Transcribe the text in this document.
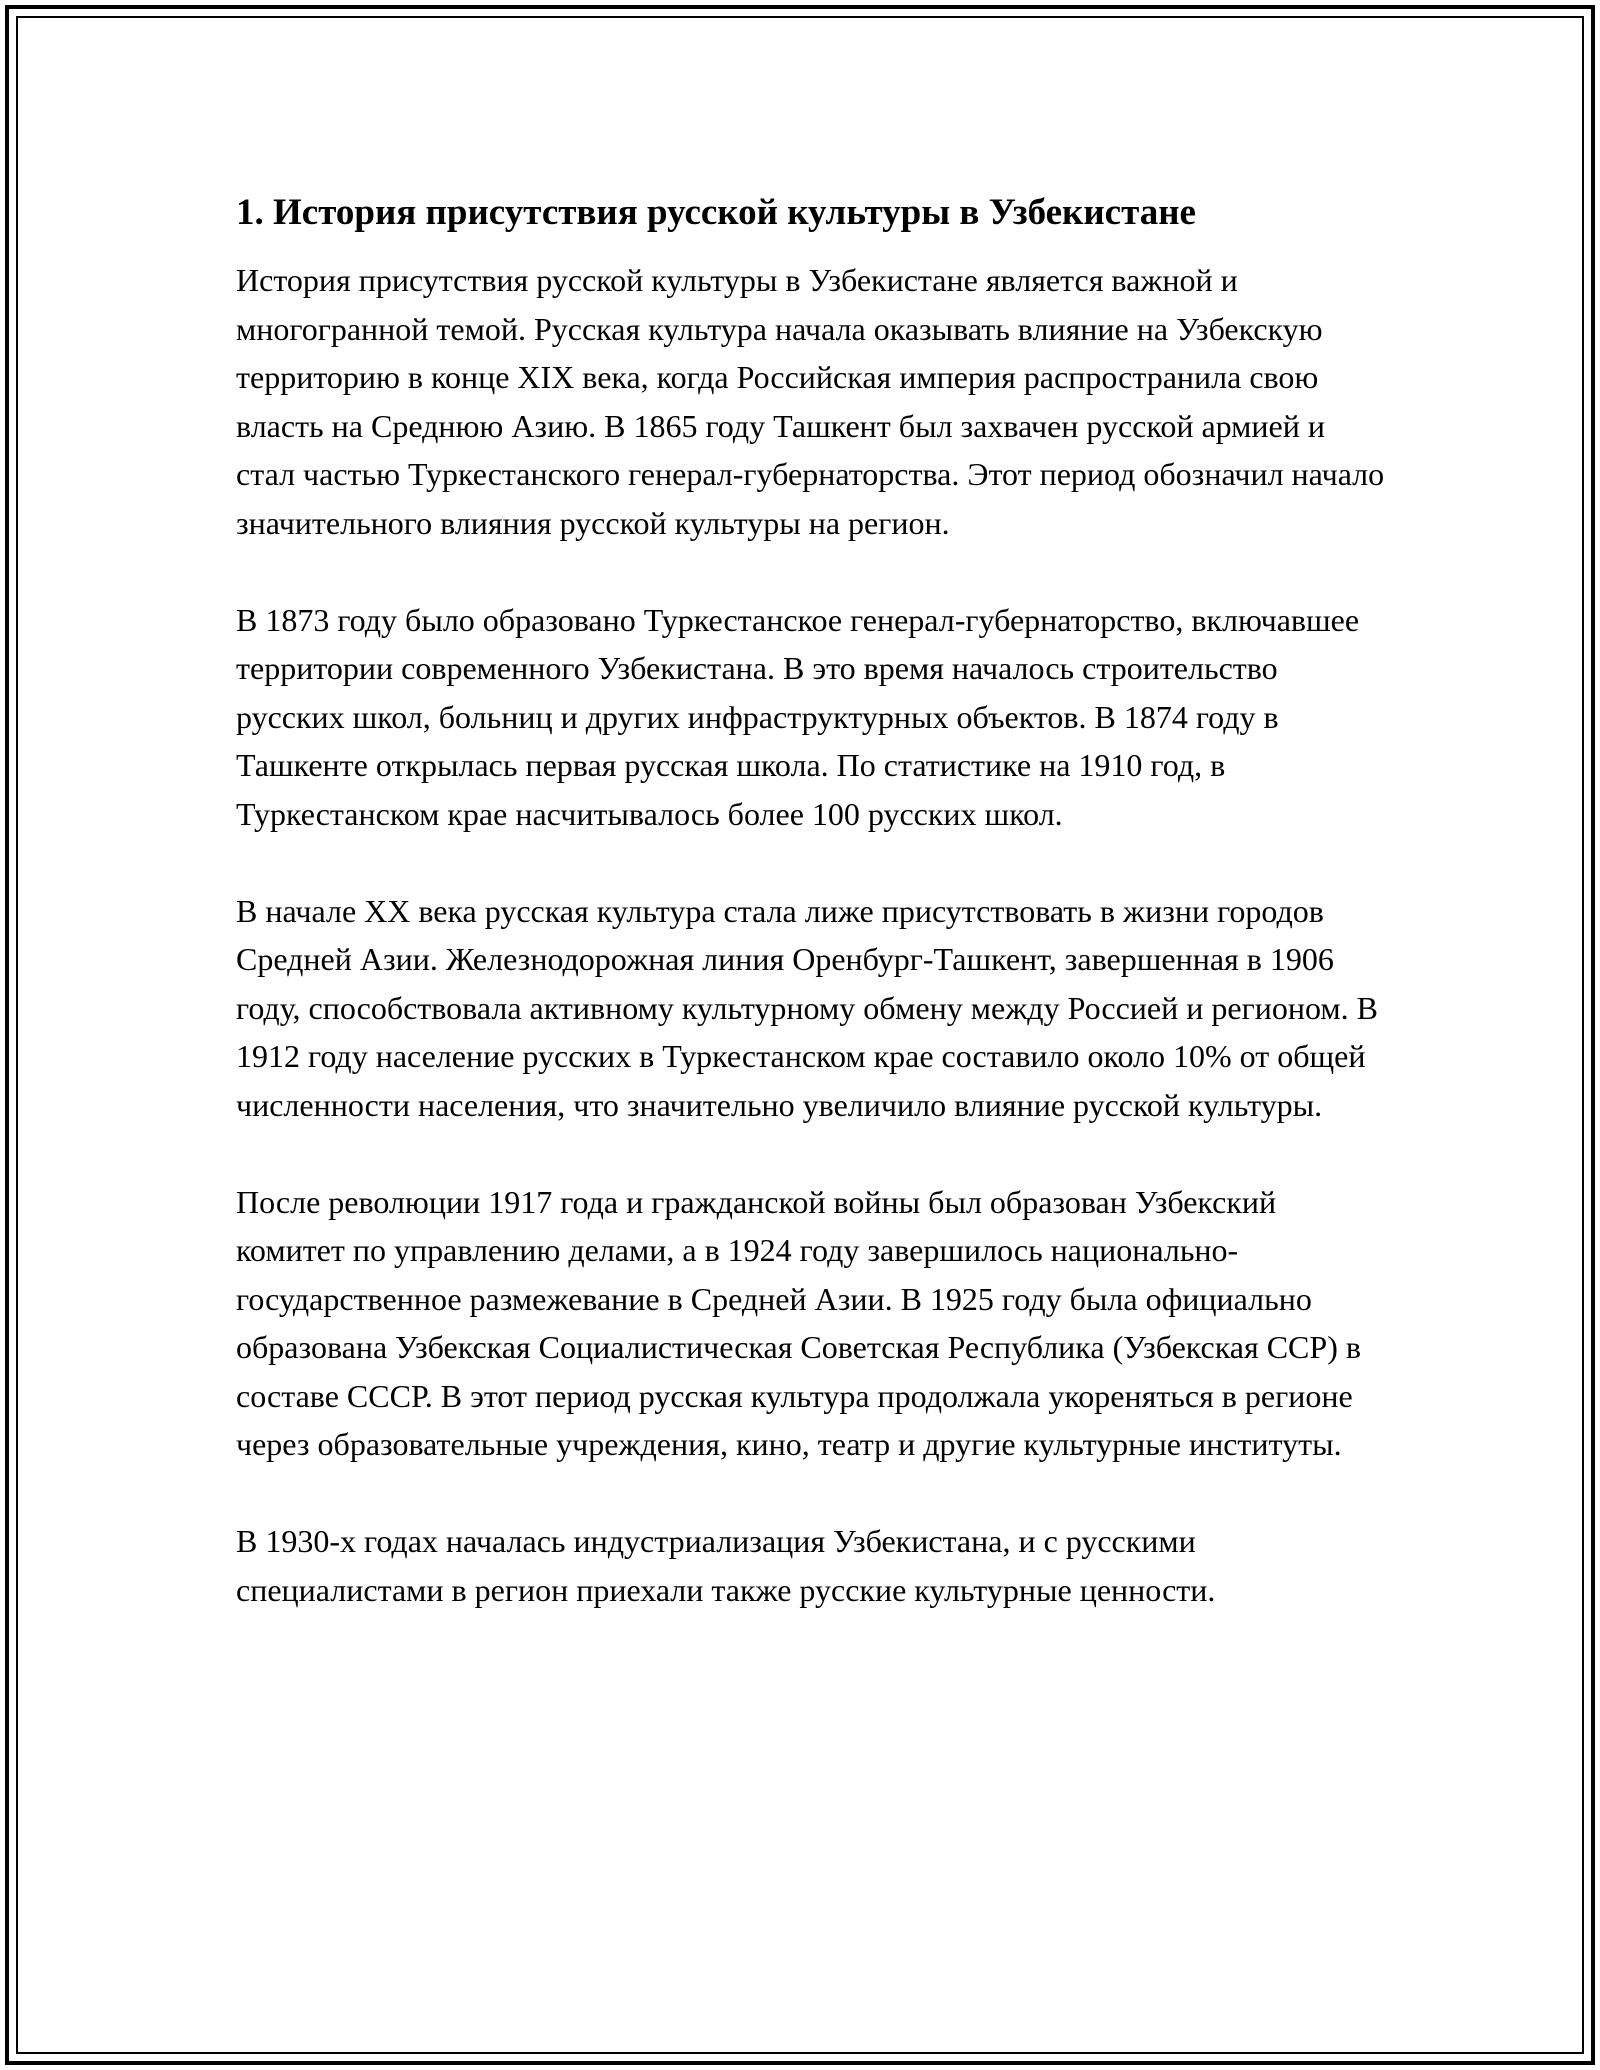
1. История присутствия русской культуры в Узбекистане

История присутствия русской культуры в Узбекистане является важной и многогранной темой. Русская культура начала оказывать влияние на Узбекскую территорию в конце XIX века, когда Российская империя распространила свою власть на Среднюю Азию. В 1865 году Ташкент был захвачен русской армией и стал частью Туркестанского генерал-губернаторства. Этот период обозначил начало значительного влияния русской культуры на регион.

В 1873 году было образовано Туркестанское генерал-губернаторство, включавшее территории современного Узбекистана. В это время началось строительство русских школ, больниц и других инфраструктурных объектов. В 1874 году в Ташкенте открылась первая русская школа. По статистике на 1910 год, в Туркестанском крае насчитывалось более 100 русских школ.

В начале XX века русская культура стала лиже присутствовать в жизни городов Средней Азии. Железнодорожная линия Оренбург-Ташкент, завершенная в 1906 году, способствовала активному культурному обмену между Россией и регионом. В 1912 году население русских в Туркестанском крае составило около 10% от общей численности населения, что значительно увеличило влияние русской культуры.

После революции 1917 года и гражданской войны был образован Узбекский комитет по управлению делами, а в 1924 году завершилось национально-государственное размежевание в Средней Азии. В 1925 году была официально образована Узбекская Социалистическая Советская Республика (Узбекская ССР) в составе СССР. В этот период русская культура продолжала укореняться в регионе через образовательные учреждения, кино, театр и другие культурные институты.

В 1930-х годах началась индустриализация Узбекистана, и с русскими специалистами в регион приехали также русские культурные ценности.
